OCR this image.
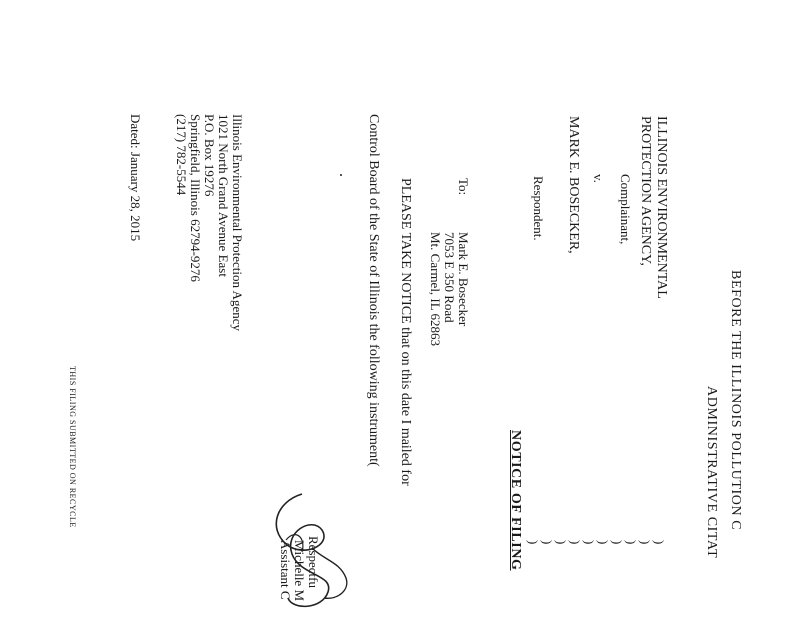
BEFORE THE ILLINOIS POLLUTION C
ADMINISTRATIVE CITAT
ILLINOIS ENVIRONMENTAL
PROTECTION AGENCY,
Complainant,
v.
MARK E. BOSECKER,
Respondent.
)
)
)
)
)
)
)
)
)
)
NOTICE OF FILING
To:
Mark E. Bosecker
7053 E 350 Road
Mt. Carmel, IL 62863
PLEASE TAKE NOTICE that on this date I mailed for
Control Board of the State of Illinois the following instrument(
Respectfu
Michelle M
Assistant C
Illinois Environmental Protection Agency
1021 North Grand Avenue East
P.O. Box 19276
Springfield, Illinois 62794-9276
(217) 782-5544
Dated: January 28, 2015
THIS FILING SUBMITTED ON RECYCLE
